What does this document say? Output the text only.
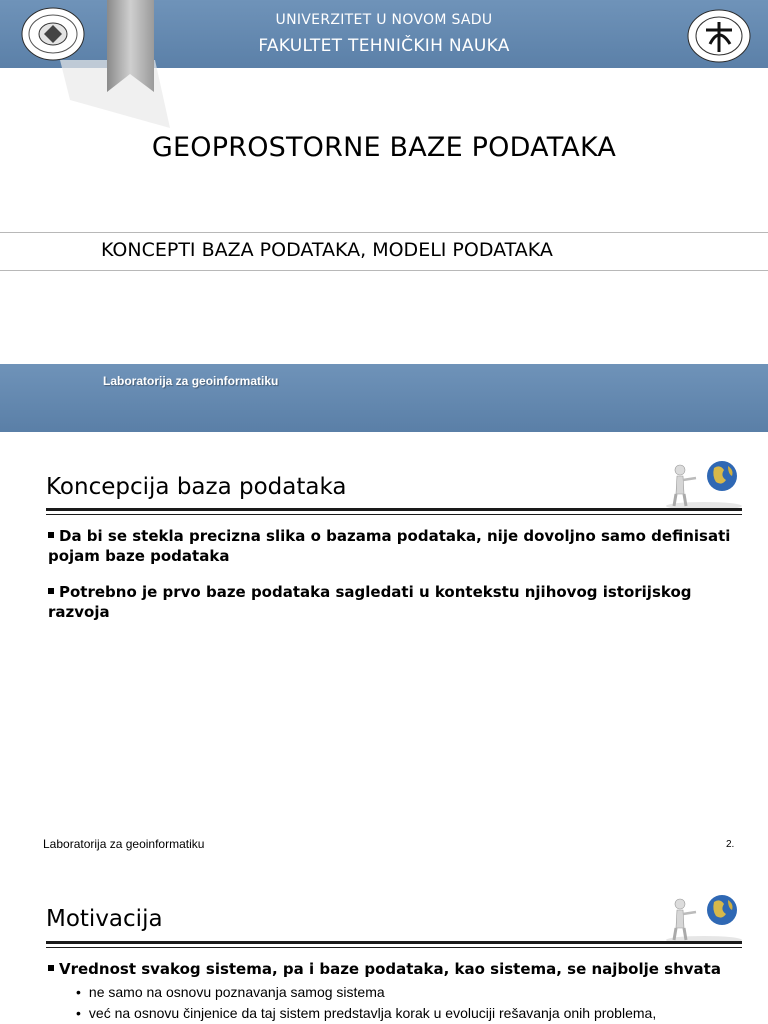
UNIVERZITET U NOVOM SADU
FAKULTET TEHNIČKIH NAUKA
GEOPROSTORNE BAZE PODATAKA
KONCEPTI BAZA PODATAKA, MODELI PODATAKA
Laboratorija za geoinformatiku
Koncepcija baza podataka
Da bi se stekla precizna slika o bazama podataka, nije dovoljno samo definisati pojam baze podataka
Potrebno je prvo baze podataka sagledati u kontekstu njihovog istorijskog razvoja
Laboratorija za geoinformatiku	2.
Motivacija
Vrednost svakog sistema, pa i baze podataka, kao sistema, se najbolje shvata
• ne samo na osnovu poznavanja samog sistema
• već na osnovu činjenice da taj sistem predstavlja korak u evoluciji rešavanja onih problema,
